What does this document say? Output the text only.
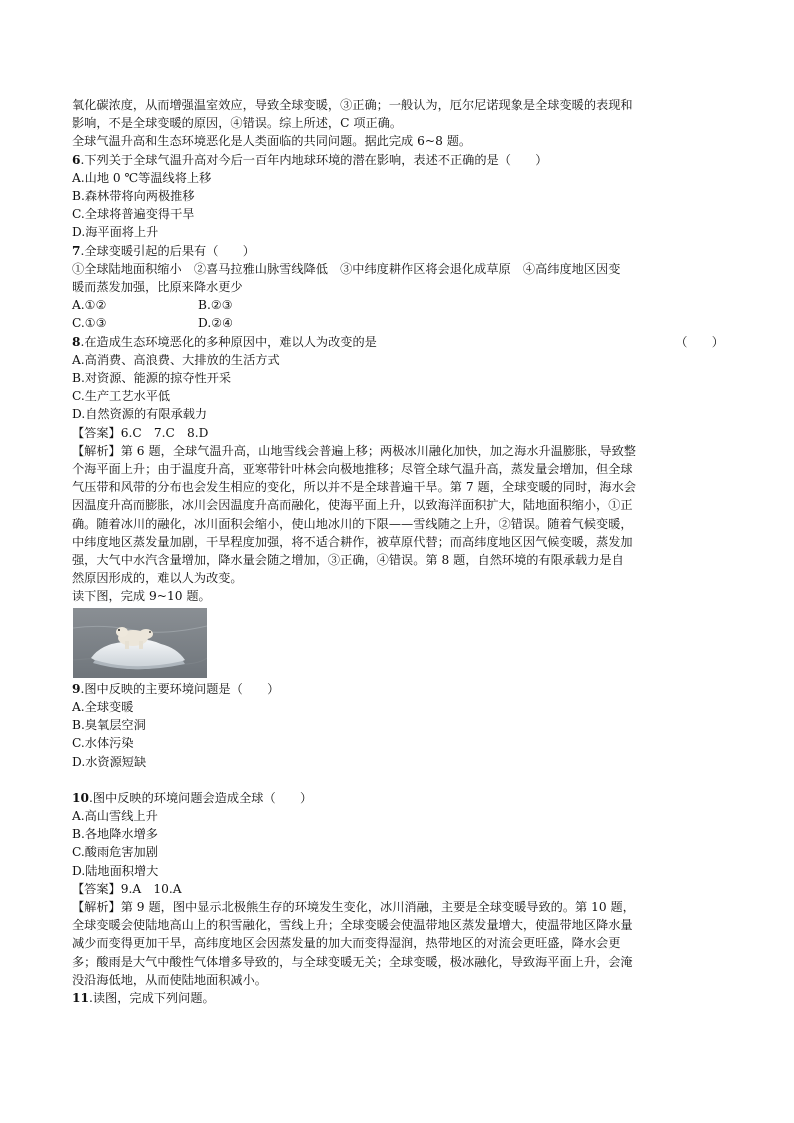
氧化碳浓度，从而增强温室效应，导致全球变暖，③正确；一般认为，厄尔尼诺现象是全球变暖的表现和

影响，不是全球变暖的原因，④错误。综上所述，C 项正确。

全球气温升高和生态环境恶化是人类面临的共同问题。据此完成 6~8 题。

6.下列关于全球气温升高对今后一百年内地球环境的潜在影响，表述不正确的是（　　）

A.山地 0 ℃等温线将上移

B.森林带将向两极推移

C.全球将普遍变得干旱

D.海平面将上升

7.全球变暖引起的后果有（　　）

①全球陆地面积缩小　②喜马拉雅山脉雪线降低　③中纬度耕作区将会退化成草原　④高纬度地区因变

暖而蒸发加强，比原来降水更少

A.①②	B.②③
C.①③	D.②④
8.在造成生态环境恶化的多种原因中，难以人为改变的是	（　　）

A.高消费、高浪费、大排放的生活方式

B.对资源、能源的掠夺性开采

C.生产工艺水平低

D.自然资源的有限承载力

【答案】6.C　7.C　8.D

【解析】第 6 题，全球气温升高，山地雪线会普遍上移；两极冰川融化加快，加之海水升温膨胀，导致整

个海平面上升；由于温度升高，亚寒带针叶林会向极地推移；尽管全球气温升高，蒸发量会增加，但全球

气压带和风带的分布也会发生相应的变化，所以并不是全球普遍干旱。第 7 题，全球变暖的同时，海水会

因温度升高而膨胀，冰川会因温度升高而融化，使海平面上升，以致海洋面积扩大，陆地面积缩小，①正

确。随着冰川的融化，冰川面积会缩小，使山地冰川的下限——雪线随之上升，②错误。随着气候变暖，

中纬度地区蒸发量加剧，干旱程度加强，将不适合耕作，被草原代替；而高纬度地区因气候变暖，蒸发加

强，大气中水汽含量增加，降水量会随之增加，③正确，④错误。第 8 题，自然环境的有限承载力是自

然原因形成的，难以人为改变。

读下图，完成 9~10 题。

9.图中反映的主要环境问题是（　　）

A.全球变暖

B.臭氧层空洞

C.水体污染

D.水资源短缺

10.图中反映的环境问题会造成全球（　　）

A.高山雪线上升

B.各地降水增多

C.酸雨危害加剧

D.陆地面积增大

【答案】9.A　10.A

【解析】第 9 题，图中显示北极熊生存的环境发生变化，冰川消融，主要是全球变暖导致的。第 10 题，

全球变暖会使陆地高山上的积雪融化，雪线上升；全球变暖会使温带地区蒸发量增大，使温带地区降水量

减少而变得更加干旱，高纬度地区会因蒸发量的加大而变得湿润，热带地区的对流会更旺盛，降水会更

多；酸雨是大气中酸性气体增多导致的，与全球变暖无关；全球变暖，极冰融化，导致海平面上升，会淹

没沿海低地，从而使陆地面积减小。

11.读图，完成下列问题。
